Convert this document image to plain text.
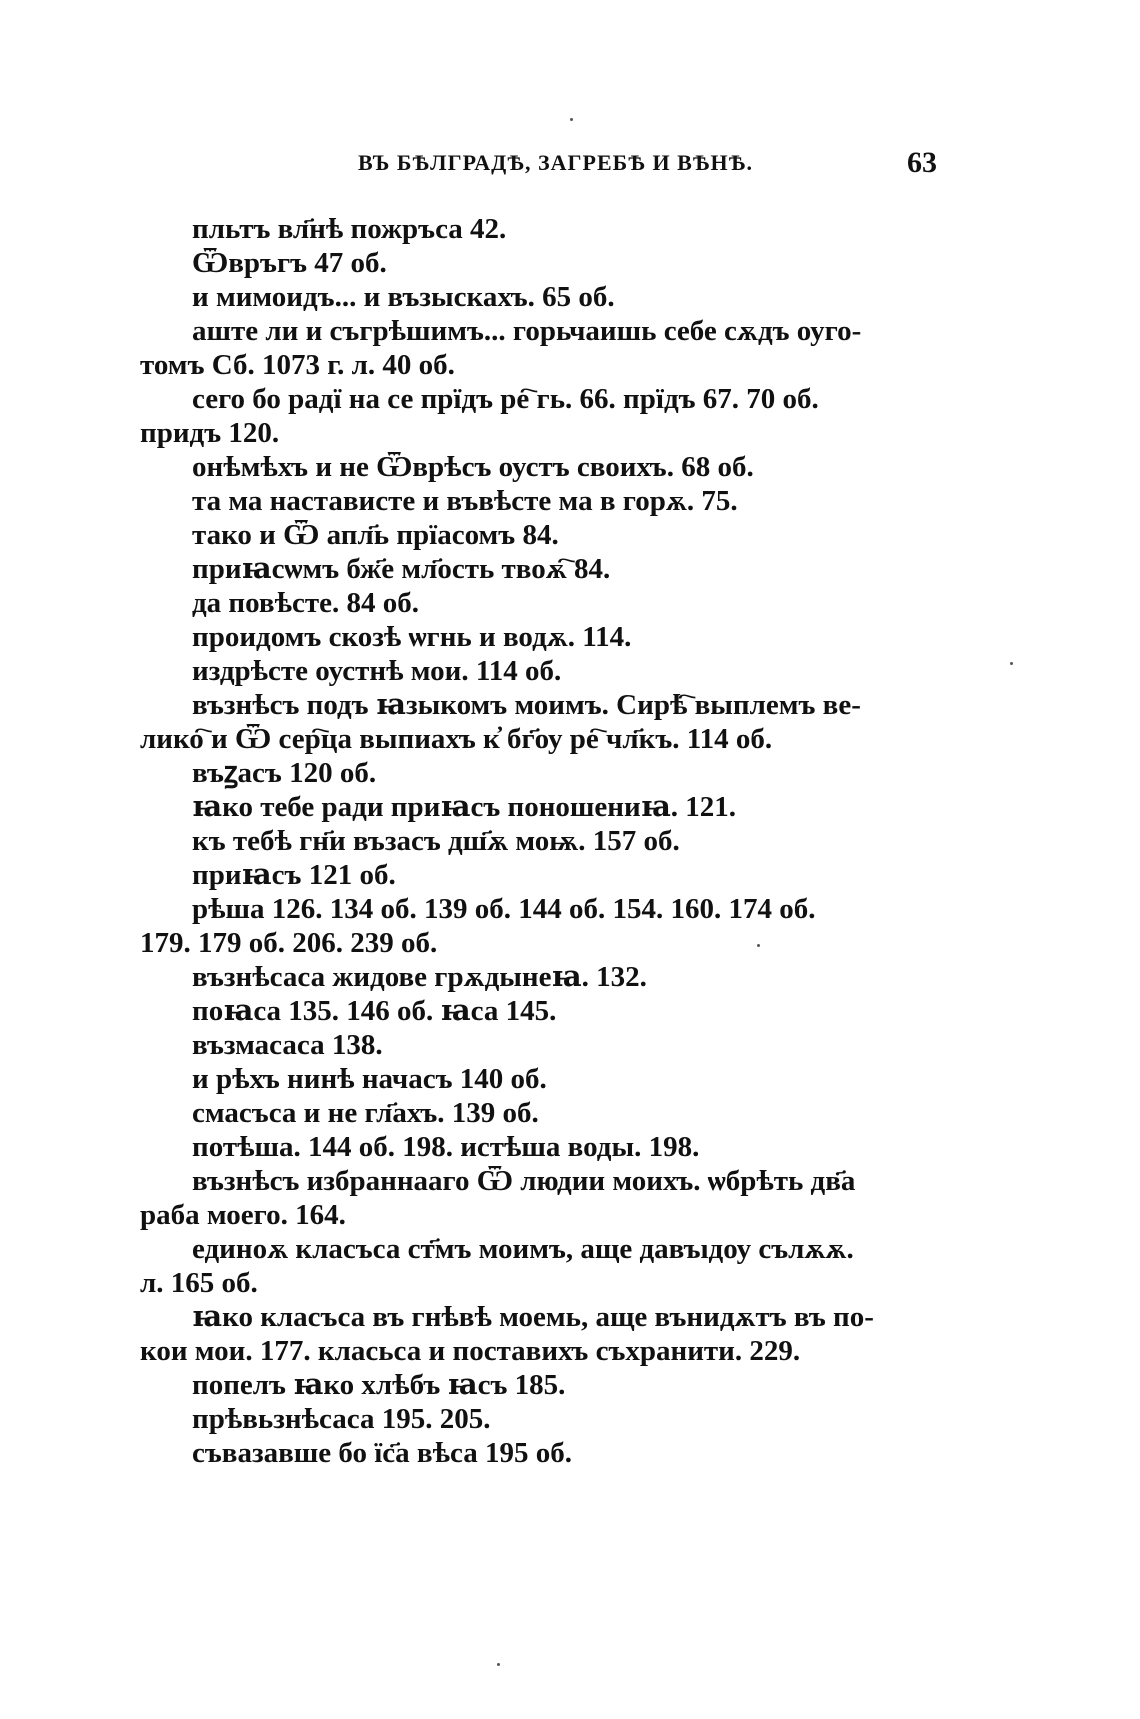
ВЪ БѢЛГРАДѢ, ЗАГРЕБѢ И ВѢНѢ.	63

пльтъ вл҃нѣ пожръса 42.

Ѿвръгъ 47 об.

и мимоидъ... и възыскахъ. 65 об.

аште ли и съгрѣшимъ... горьчаишь себе сѫдъ оуго-
томъ Сб. 1073 г. л. 40 об.

сего бо радї на се прїдъ ре҇ гь. 66. прїдъ 67. 70 об.
придъ 120.

онѣмѣхъ и не Ѿврѣсъ оустъ своихъ. 68 об.

та ма настависте и въвѣсте ма в горѫ. 75.

тако и Ѿ апл҃ь прїасомъ 84.

приꙗсѡмъ бж҃е мл҃ость твоѫ҇ 84.

да повѣсте. 84 об.

проидомъ скозѣ ѡгнь и водѫ. 114.

издрѣсте оустнѣ мои. 114 об.

възнѣсъ подъ ꙗзыкомъ моимъ. Сирѣ҇ выплемъ ве-
лико҇ и Ѿ сер҇ца выпиахъ к҆ бг҃оу ре҇ чл҃къ. 114 об.

въꙁасъ 120 об.

ꙗко тебе ради приꙗсъ поношениꙗ. 121.

къ тебѣ гн҃и възасъ дш҃ѫ моѭ. 157 об.

приꙗсъ 121 об.

рѣша 126. 134 об. 139 об. 144 об. 154. 160. 174 об.
179. 179 об. 206. 239 об.

възнѣсаса жидове грѫдынеꙗ. 132.

поꙗса 135. 146 об. ꙗса 145.

възмасаса 138.

и рѣхъ нинѣ начасъ 140 об.

смасъса и не гл҃ахъ. 139 об.

потѣша. 144 об. 198. истѣша воды. 198.

възнѣсъ избраннааго Ѿ людии моихъ. ѡбрѣть дв҃а
раба моего. 164.

единоѫ класъса ст҃мъ моимъ, аще давъıдоу сълѫѫ.
л. 165 об.

ꙗко класъса въ гнѣвѣ моемь, аще вънидѫтъ въ по-
кои мои. 177. класьса и поставихъ съхранити. 229.

попелъ ꙗко хлѣбъ ꙗсъ 185.

прѣвьзнѣсаса 195. 205.

съвазавше бо їс҃а вѣса 195 об.
